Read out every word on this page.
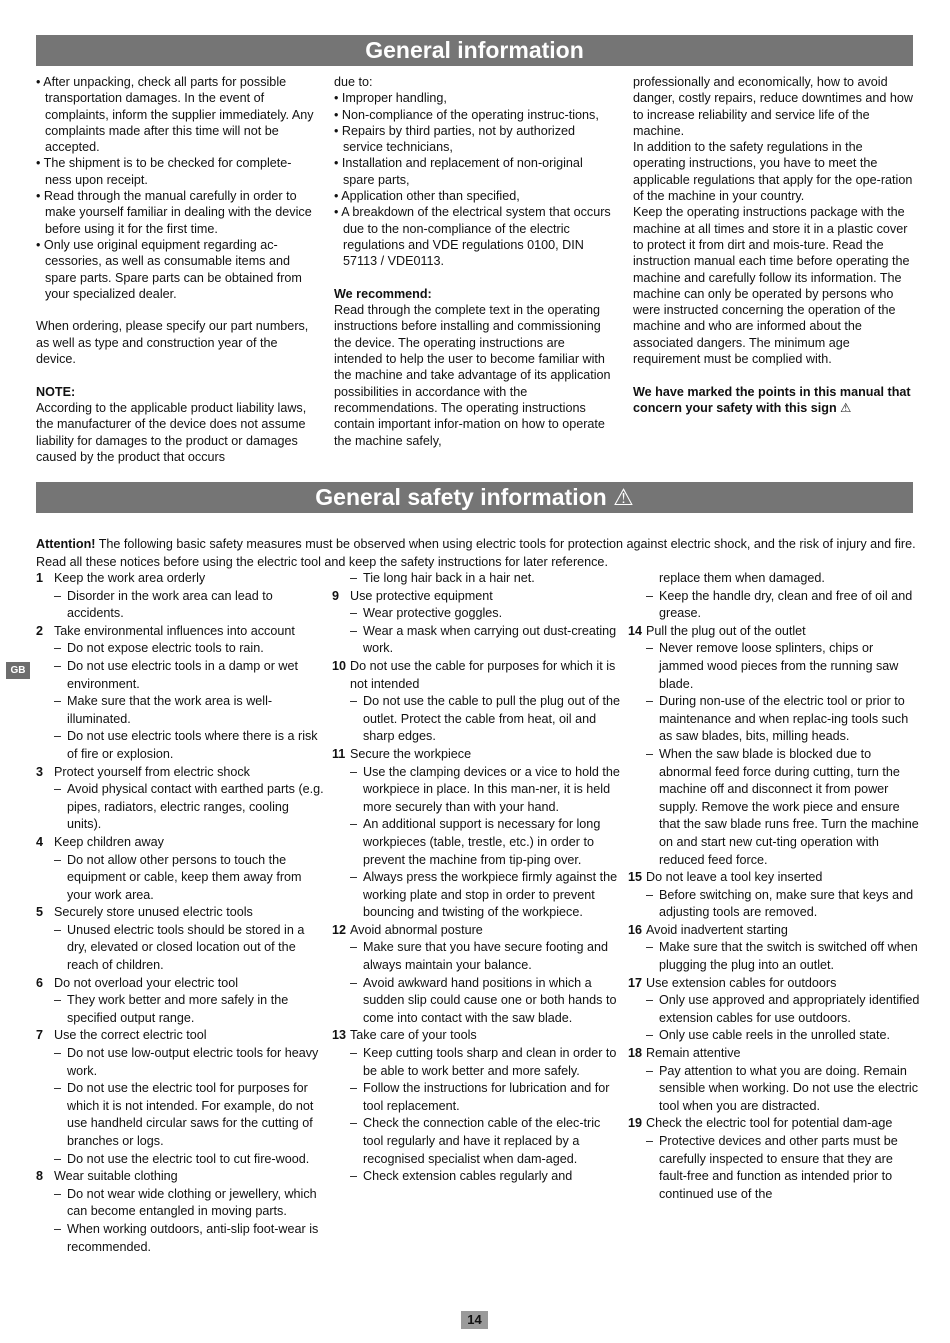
General information

• After unpacking, check all parts for possible transportation damages. In the event of complaints, inform the supplier immediately. Any complaints made after this time will not be accepted.

• The shipment is to be checked for complete-ness upon receipt.

• Read through the manual carefully in order to make yourself familiar in dealing with the device before using it for the first time.

• Only use original equipment regarding ac-cessories, as well as consumable items and spare parts. Spare parts can be obtained from your specialized dealer.

When ordering, please specify our part numbers, as well as type and construction year of the device.

NOTE:

According to the applicable product liability laws, the manufacturer of the device does not assume liability for damages to the product or damages caused by the product that occurs

due to:

• Improper handling,

• Non-compliance of the operating instruc-tions,

• Repairs by third parties, not by authorized service technicians,

• Installation and replacement of non-original spare parts,

• Application other than specified,

• A breakdown of the electrical system that occurs due to the non-compliance of the electric regulations and VDE regulations 0100, DIN 57113 / VDE0113.

We recommend:

Read through the complete text in the operating instructions before installing and commissioning the device. The operating instructions are intended to help the user to become familiar with the machine and take advantage of its application possibilities in accordance with the recommendations. The operating instructions contain important infor-mation on how to operate the machine safely,

professionally and economically, how to avoid danger, costly repairs, reduce downtimes and how to increase reliability and service life of the machine.

In addition to the safety regulations in the operating instructions, you have to meet the applicable regulations that apply for the ope-ration of the machine in your country.

Keep the operating instructions package with the machine at all times and store it in a plastic cover to protect it from dirt and mois-ture. Read the instruction manual each time before operating the machine and carefully follow its information. The machine can only be operated by persons who were instructed concerning the operation of the machine and who are informed about the associated dangers. The minimum age requirement must be complied with.

We have marked the points in this manual that concern your safety with this sign ⚠

General safety information ⚠
Attention! The following basic safety measures must be observed when using electric tools for protection against electric shock, and the risk of injury and fire. Read all these notices before using the electric tool and keep the safety instructions for later reference.

1 Keep the work area orderly

– Disorder in the work area can lead to accidents.

2 Take environmental influences into account

– Do not expose electric tools to rain.

– Do not use electric tools in a damp or wet environment.

– Make sure that the work area is well-illuminated.

– Do not use electric tools where there is a risk of fire or explosion.

3 Protect yourself from electric shock

– Avoid physical contact with earthed parts (e.g. pipes, radiators, electric ranges, cooling units).

4 Keep children away

– Do not allow other persons to touch the equipment or cable, keep them away from your work area.

5 Securely store unused electric tools

– Unused electric tools should be stored in a dry, elevated or closed location out of the reach of children.

6 Do not overload your electric tool

– They work better and more safely in the specified output range.

7 Use the correct electric tool

– Do not use low-output electric tools for heavy work.

– Do not use the electric tool for purposes for which it is not intended. For example, do not use handheld circular saws for the cutting of branches or logs.

– Do not use the electric tool to cut fire-wood.

8 Wear suitable clothing

– Do not wear wide clothing or jewellery, which can become entangled in moving parts.

– When working outdoors, anti-slip foot-wear is recommended.

– Tie long hair back in a hair net.

9 Use protective equipment

– Wear protective goggles.

– Wear a mask when carrying out dust-creating work.

10 Do not use the cable for purposes for which it is not intended

– Do not use the cable to pull the plug out of the outlet. Protect the cable from heat, oil and sharp edges.

11 Secure the workpiece

– Use the clamping devices or a vice to hold the workpiece in place. In this man-ner, it is held more securely than with your hand.

– An additional support is necessary for long workpieces (table, trestle, etc.) in order to prevent the machine from tip-ping over.

– Always press the workpiece firmly against the working plate and stop in order to prevent bouncing and twisting of the workpiece.

12 Avoid abnormal posture

– Make sure that you have secure footing and always maintain your balance.

– Avoid awkward hand positions in which a sudden slip could cause one or both hands to come into contact with the saw blade.

13 Take care of your tools

– Keep cutting tools sharp and clean in order to be able to work better and more safely.

– Follow the instructions for lubrication and for tool replacement.

– Check the connection cable of the elec-tric tool regularly and have it replaced by a recognised specialist when dam-aged.

– Check extension cables regularly and

replace them when damaged.

– Keep the handle dry, clean and free of oil and grease.

14 Pull the plug out of the outlet

– Never remove loose splinters, chips or jammed wood pieces from the running saw blade.

– During non-use of the electric tool or prior to maintenance and when replac-ing tools such as saw blades, bits, milling heads.

– When the saw blade is blocked due to abnormal feed force during cutting, turn the machine off and disconnect it from power supply. Remove the work piece and ensure that the saw blade runs free. Turn the machine on and start new cut-ting operation with reduced feed force.

15 Do not leave a tool key inserted

– Before switching on, make sure that keys and adjusting tools are removed.

16 Avoid inadvertent starting

– Make sure that the switch is switched off when plugging the plug into an outlet.

17 Use extension cables for outdoors

– Only use approved and appropriately identified extension cables for use outdoors.

– Only use cable reels in the unrolled state.

18 Remain attentive

– Pay attention to what you are doing. Remain sensible when working. Do not use the electric tool when you are distracted.

19 Check the electric tool for potential dam-age

– Protective devices and other parts must be carefully inspected to ensure that they are fault-free and function as intended prior to continued use of the

GB
14
